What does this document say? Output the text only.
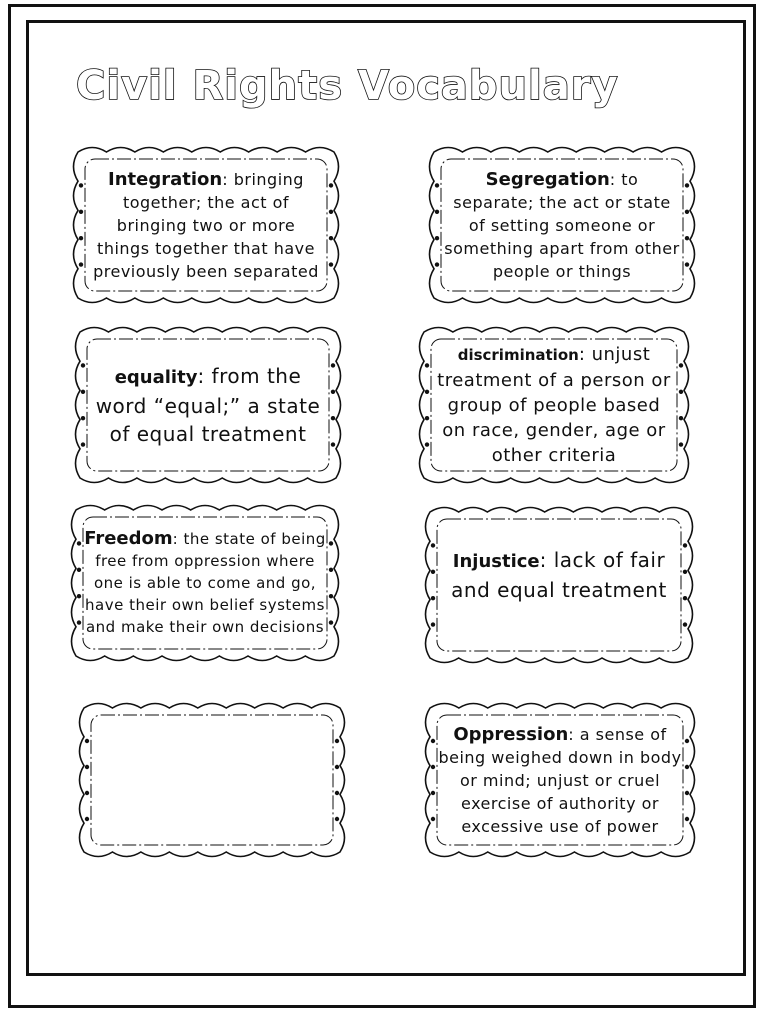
Civil Rights Vocabulary
Integration: bringing together; the act of bringing two or more things together that have previously been separated
Segregation: to separate; the act or state of setting someone or something apart from other people or things
equality: from the word “equal;” a state of equal treatment
discrimination: unjust treatment of a person or group of people based on race, gender, age or other criteria
Freedom: the state of being free from oppression where one is able to come and go, have their own belief systems and make their own decisions
Injustice: lack of fair and equal treatment
Oppression: a sense of being weighed down in body or mind; unjust or cruel exercise of authority or excessive use of power
